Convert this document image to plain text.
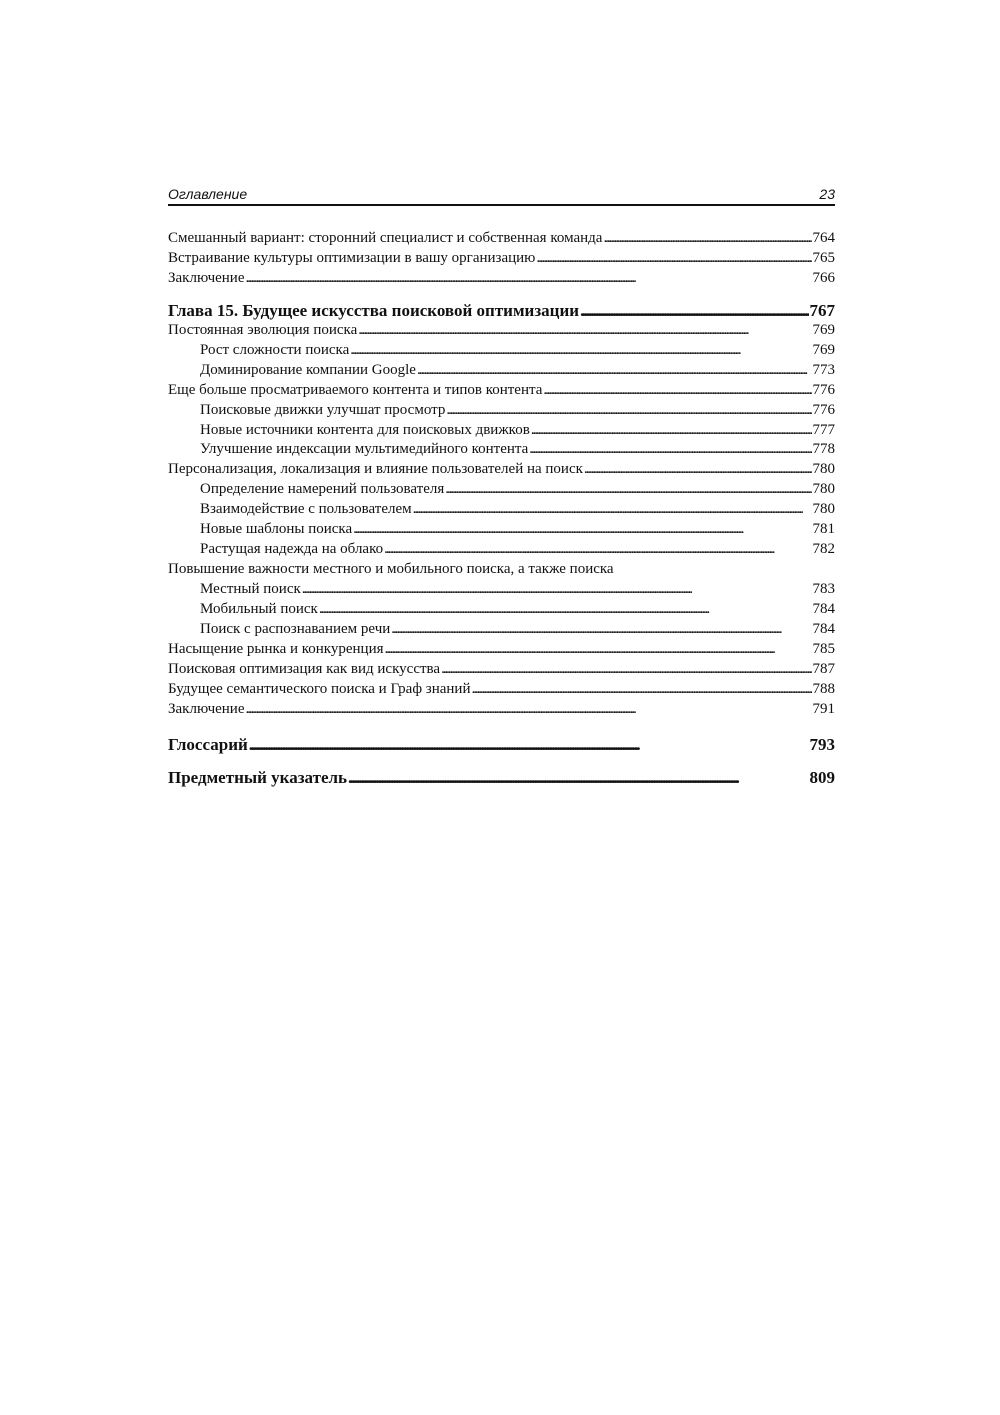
Оглавление	23
Смешанный вариант: сторонний специалист и собственная команда . . .	764
Встраивание культуры оптимизации в вашу организацию . . .	765
Заключение . . .	766
Глава 15. Будущее искусства поисковой оптимизации . . .	767
Постоянная эволюция поиска . . .	769
Рост сложности поиска . . .	769
Доминирование компании Google . . .	773
Еще больше просматриваемого контента и типов контента . . .	776
Поисковые движки улучшат просмотр . . .	776
Новые источники контента для поисковых движков . . .	777
Улучшение индексации мультимедийного контента . . .	778
Персонализация, локализация и влияние пользователей на поиск . . .	780
Определение намерений пользователя . . .	780
Взаимодействие с пользователем . . .	780
Новые шаблоны поиска . . .	781
Растущая надежда на облако . . .	782
Повышение важности местного и мобильного поиска, а также поиска
Местный поиск . . .	783
Мобильный поиск . . .	784
Поиск с распознаванием речи . . .	784
Насыщение рынка и конкуренция . . .	785
Поисковая оптимизация как вид искусства . . .	787
Будущее семантического поиска и Граф знаний . . .	788
Заключение . . .	791
Глоссарий . . .	793
Предметный указатель . . .	809
